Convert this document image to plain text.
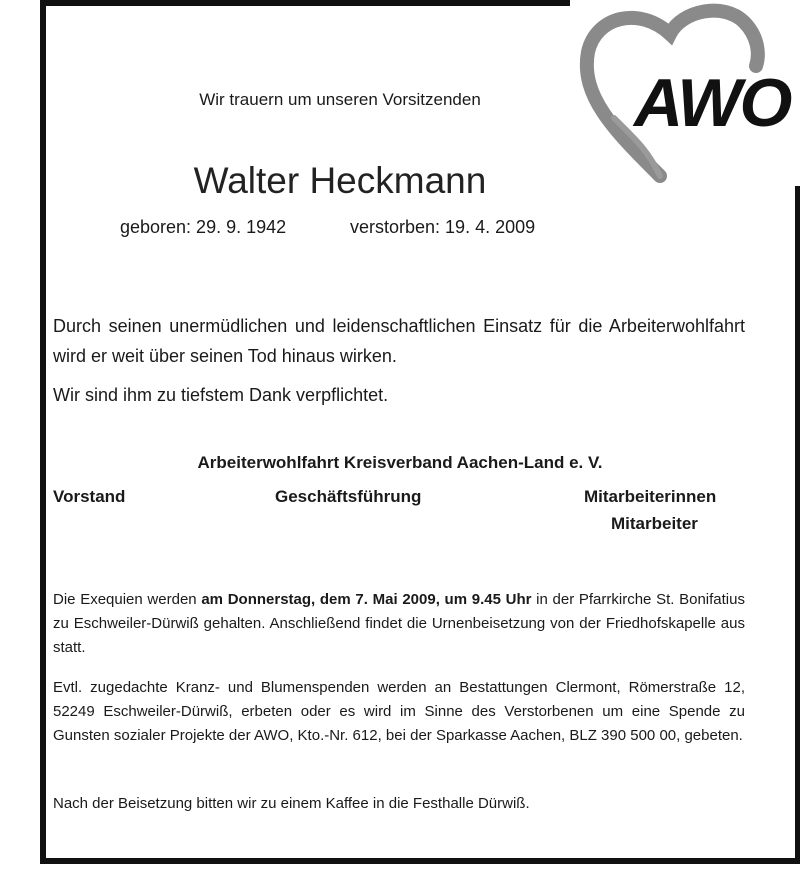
AWO
Wir trauern um unseren Vorsitzenden
Walter Heckmann
geboren: 29. 9. 1942	verstorben: 19. 4. 2009
Durch seinen unermüdlichen und leidenschaftlichen Einsatz für die Arbeiterwohlfahrt wird er weit über seinen Tod hinaus wirken.
Wir sind ihm zu tiefstem Dank verpflichtet.
Arbeiterwohlfahrt Kreisverband Aachen-Land e. V.
Vorstand	Geschäftsführung	Mitarbeiterinnen
Mitarbeiter
Die Exequien werden am Donnerstag, dem 7. Mai 2009, um 9.45 Uhr in der Pfarrkirche St. Bonifatius zu Eschweiler-Dürwiß gehalten. Anschließend findet die Urnenbeisetzung von der Friedhofskapelle aus statt.
Evtl. zugedachte Kranz- und Blumenspenden werden an Bestattungen Clermont, Römerstraße 12, 52249 Eschweiler-Dürwiß, erbeten oder es wird im Sinne des Verstorbenen um eine Spende zu Gunsten sozialer Projekte der AWO, Kto.-Nr. 612, bei der Sparkasse Aachen, BLZ 390 500 00, gebeten.
Nach der Beisetzung bitten wir zu einem Kaffee in die Festhalle Dürwiß.
